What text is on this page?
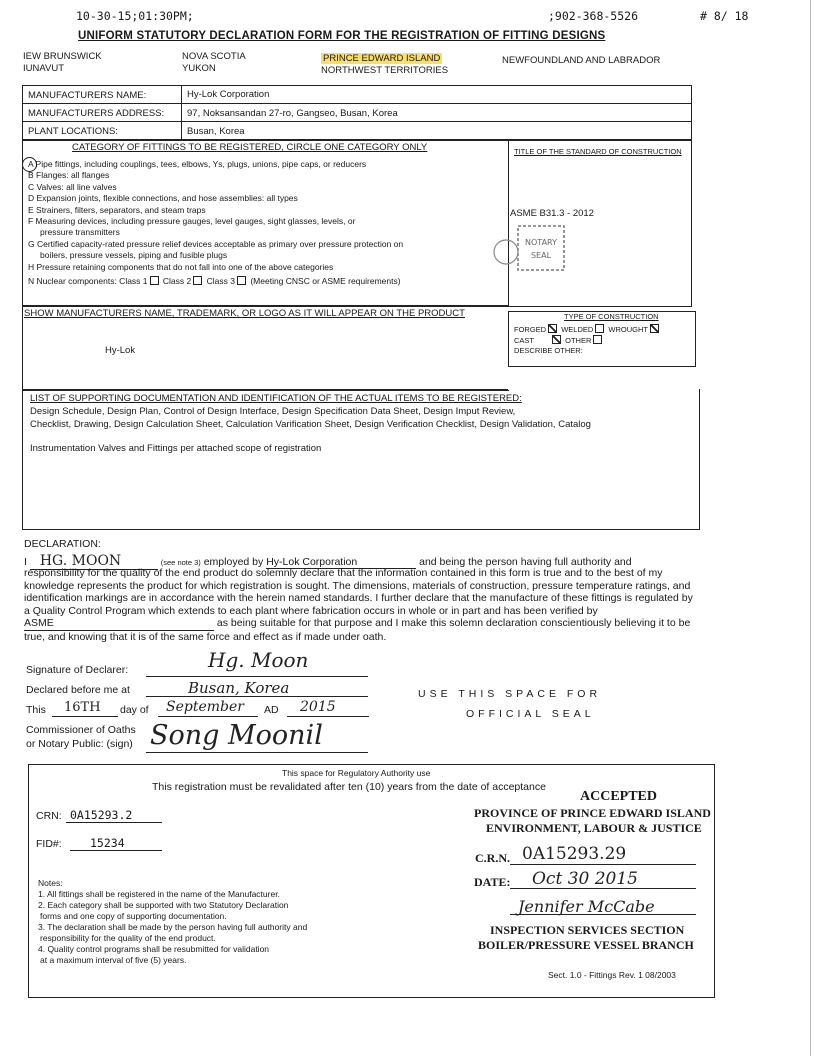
10-30-15;01:30PM;	;902-368-5526	# 8/ 18
UNIFORM STATUTORY DECLARATION FORM FOR THE REGISTRATION OF FITTING DESIGNS
IEW BRUNSWICK
IUNAVUT
NOVA SCOTIA
YUKON
PRINCE EDWARD ISLAND
NORTHWEST TERRITORIES
NEWFOUNDLAND AND LABRADOR
MANUFACTURERS NAME:	Hy-Lok Corporation
MANUFACTURERS ADDRESS: 97, Noksansandan 27-ro, Gangseo, Busan, Korea
PLANT LOCATIONS:	Busan, Korea
CATEGORY OF FITTINGS TO BE REGISTERED, CIRCLE ONE CATEGORY ONLY	TITLE OF THE STANDARD OF CONSTRUCTION
ASME B31.3 - 2012
A Pipe fittings, including couplings, tees, elbows, Ys, plugs, unions, pipe caps, or reducers
B Flanges: all flanges
C Valves: all line valves
D Expansion joints, flexible connections, and hose assemblies: all types
E Strainers, filters, separators, and steam traps
F Measuring devices, including pressure gauges, level gauges, sight glasses, levels, or
pressure transmitters
G Certified capacity-rated pressure relief devices acceptable as primary over pressure protection on
boilers, pressure vessels, piping and fusible plugs
H Pressure retaining components that do not fall into one of the above categories
N Nuclear components: Class 1 Class 2 Class 3 (Meeting CNSC or ASME requirements)
NOTARY
SEAL
SHOW MANUFACTURERS NAME, TRADEMARK, OR LOGO AS IT WILL APPEAR ON THE PRODUCT
Hy-Lok
TYPE OF CONSTRUCTION
FORGED WELDED WROUGHT
CAST	OTHER
DESCRIBE OTHER:
LIST OF SUPPORTING DOCUMENTATION AND IDENTIFICATION OF THE ACTUAL ITEMS TO BE REGISTERED:
Design Schedule, Design Plan, Control of Design Interface, Design Specification Data Sheet, Design Imput Review,
Checklist, Drawing, Design Calculation Sheet, Calculation Varification Sheet, Design Verification Checklist, Design Validation, Catalog
Instrumentation Valves and Fittings per attached scope of registration
DECLARATION:
I HG. MOON	(see note 3) employed by Hy-Lok Corporation	and being the person having full authority and
responsibility for the quality of the end product do solemnly declare that the information contained in this form is true and to the best of my knowledge represents the product for which registration is sought. The dimensions, materials of construction, pressure temperature ratings, and identification markings are in accordance with the herein named standards. I further declare that the manufacture of these fittings is regulated by a Quality Control Program which extends to each plant where fabrication occurs in whole or in part and has been verified by ASME	as being suitable for that purpose and I make this solemn declaration conscientiously believing it to be true, and knowing that it is of the same force and effect as if made under oath.
Signature of Declarer:	Hg. Moon
Declared before me at	Busan, Korea
This 16TH day of September AD 2015
Commissioner of Oaths
or Notary Public: (sign) Song Moonil
USE THIS SPACE FOR
OFFICIAL SEAL
This space for Regulatory Authority use
This registration must be revalidated after ten (10) years from the date of acceptance
CRN: 0A15293.2
FID#: 15234
ACCEPTED
PROVINCE OF PRINCE EDWARD ISLAND
ENVIRONMENT, LABOUR & JUSTICE
C.R.N. 0A15293.29
DATE: Oct 30 2015
Jennifer McCabe
INSPECTION SERVICES SECTION
BOILER/PRESSURE VESSEL BRANCH
Notes:
1. All fittings shall be registered in the name of the Manufacturer.
2. Each category shall be supported with two Statutory Declaration
forms and one copy of supporting documentation.
3. The declaration shall be made by the person having full authority and
responsibility for the quality of the end product.
4. Quality control programs shall be resubmitted for validation
at a maximum interval of five (5) years.
Sect. 1.0 - Fittings Rev. 1 08/2003
